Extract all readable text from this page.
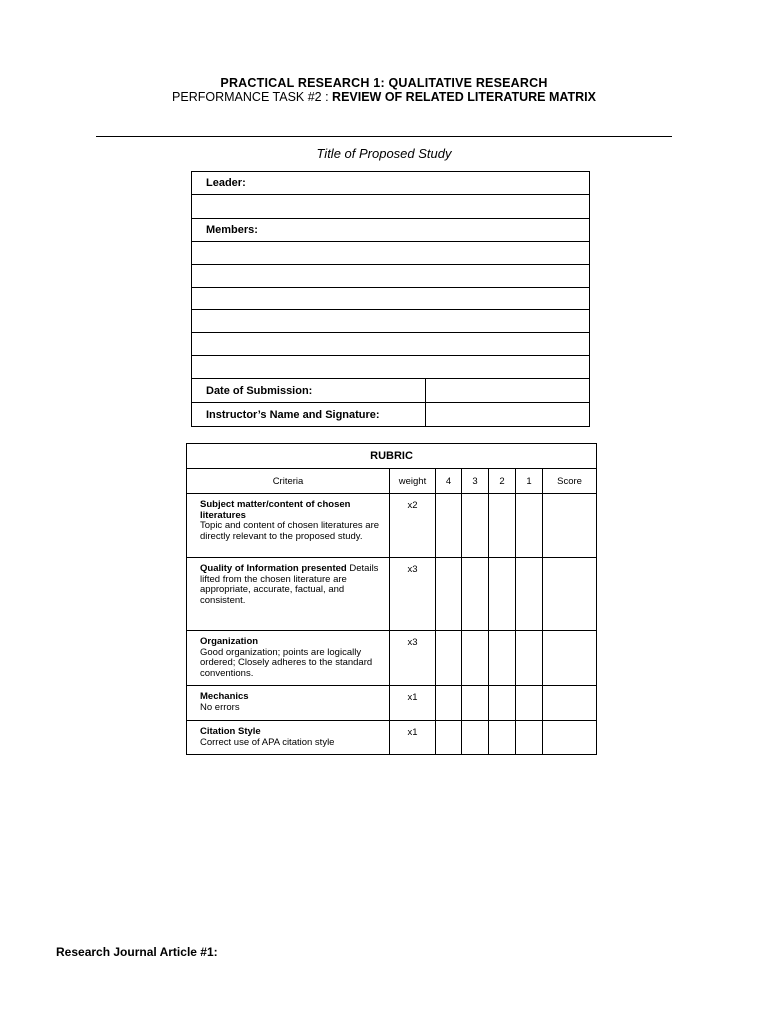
PRACTICAL RESEARCH 1: QUALITATIVE RESEARCH
PERFORMANCE TASK #2 : REVIEW OF RELATED LITERATURE MATRIX
Title of Proposed Study
Leader:	

Members:	

Date of Submission:	
Instructor’s Name and Signature:	
RUBRIC						
Criteria	weight	4	3	2	1	Score
Subject matter/content of chosen literatures
Topic and content of chosen literatures are directly relevant to the proposed study.	x2					
Quality of Information presented Details lifted from the chosen literature are appropriate, accurate, factual, and consistent.	x3					
Organization
Good organization; points are logically ordered; Closely adheres to the standard conventions.	x3					
Mechanics
No errors	x1					
Citation Style
Correct use of APA citation style	x1					
Research Journal Article #1:
